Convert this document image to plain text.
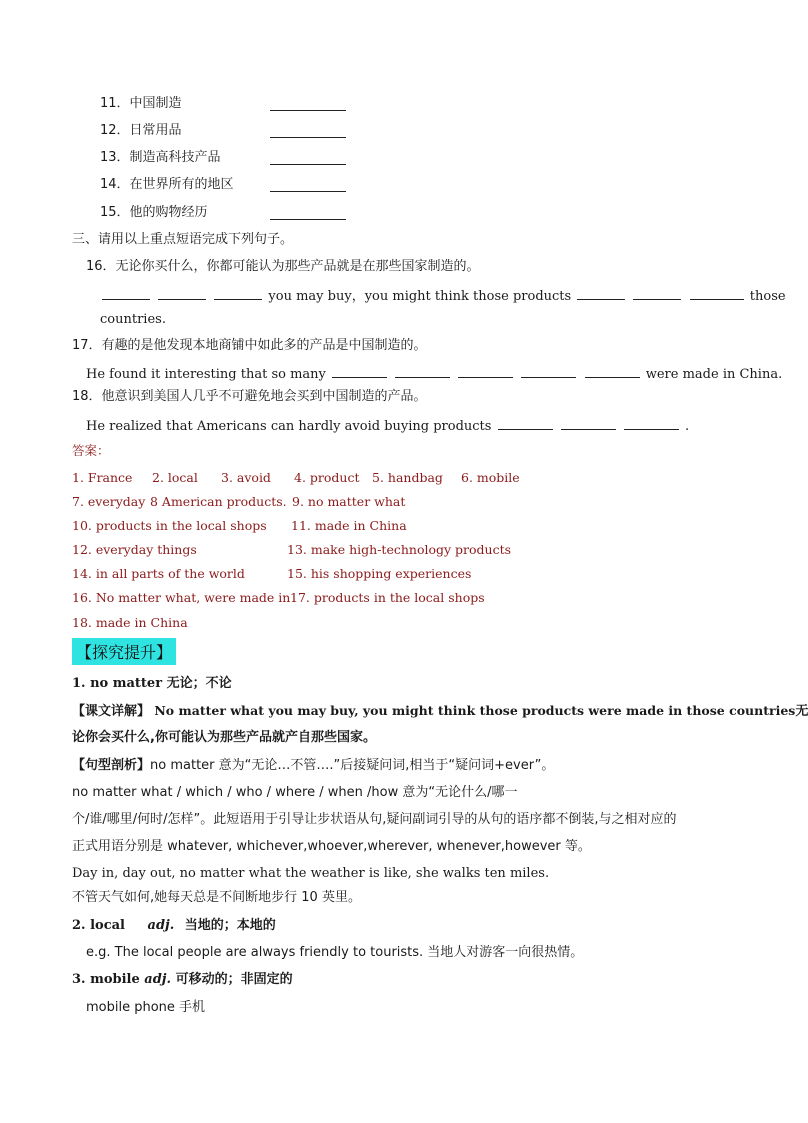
11．中国制造
12．日常用品
13．制造高科技产品
14．在世界所有的地区
15．他的购物经历
三、请用以上重点短语完成下列句子。
16．无论你买什么，你都可能认为那些产品就是在那些国家制造的。
you may buy，you might think those products	those
countries.
17．有趣的是他发现本地商铺中如此多的产品是中国制造的。
He found it interesting that so many	were made in China.
18．他意识到美国人几乎不可避免地会买到中国制造的产品。
He realized that Americans can hardly avoid buying products	.
答案：
1. France 2. local 3. avoid 4. product 5. handbag 6. mobile
7. everyday 8 American products. 9. no matter what
10. products in the local shops 11. made in China
12. everyday things	13. make high-technology products
14. in all parts of the world	15. his shopping experiences
16. No matter what, were made in 17. products in the local shops
18. made in China
【探究提升】
1. no matter 无论；不论
【课文详解】 No matter what you may buy, you might think those products were made in those countries无
论你会买什么,你可能认为那些产品就产自那些国家。
【句型剖析】no matter 意为“无论…不管….”后接疑问词,相当于“疑问词+ever”。
no matter what / which / who / where / when /how 意为“无论什么/哪一
个/谁/哪里/何时/怎样”。此短语用于引导让步状语从句,疑问副词引导的从句的语序都不倒装,与之相对应的
正式用语分别是 whatever, whichever,whoever,wherever, whenever,however 等。
Day in, day out, no matter what the weather is like, she walks ten miles.
不管天气如何,她每天总是不间断地步行 10 英里。
2. local adj. 当地的；本地的
e.g. The local people are always friendly to tourists. 当地人对游客一向很热情。
3. mobile adj. 可移动的；非固定的
mobile phone 手机
